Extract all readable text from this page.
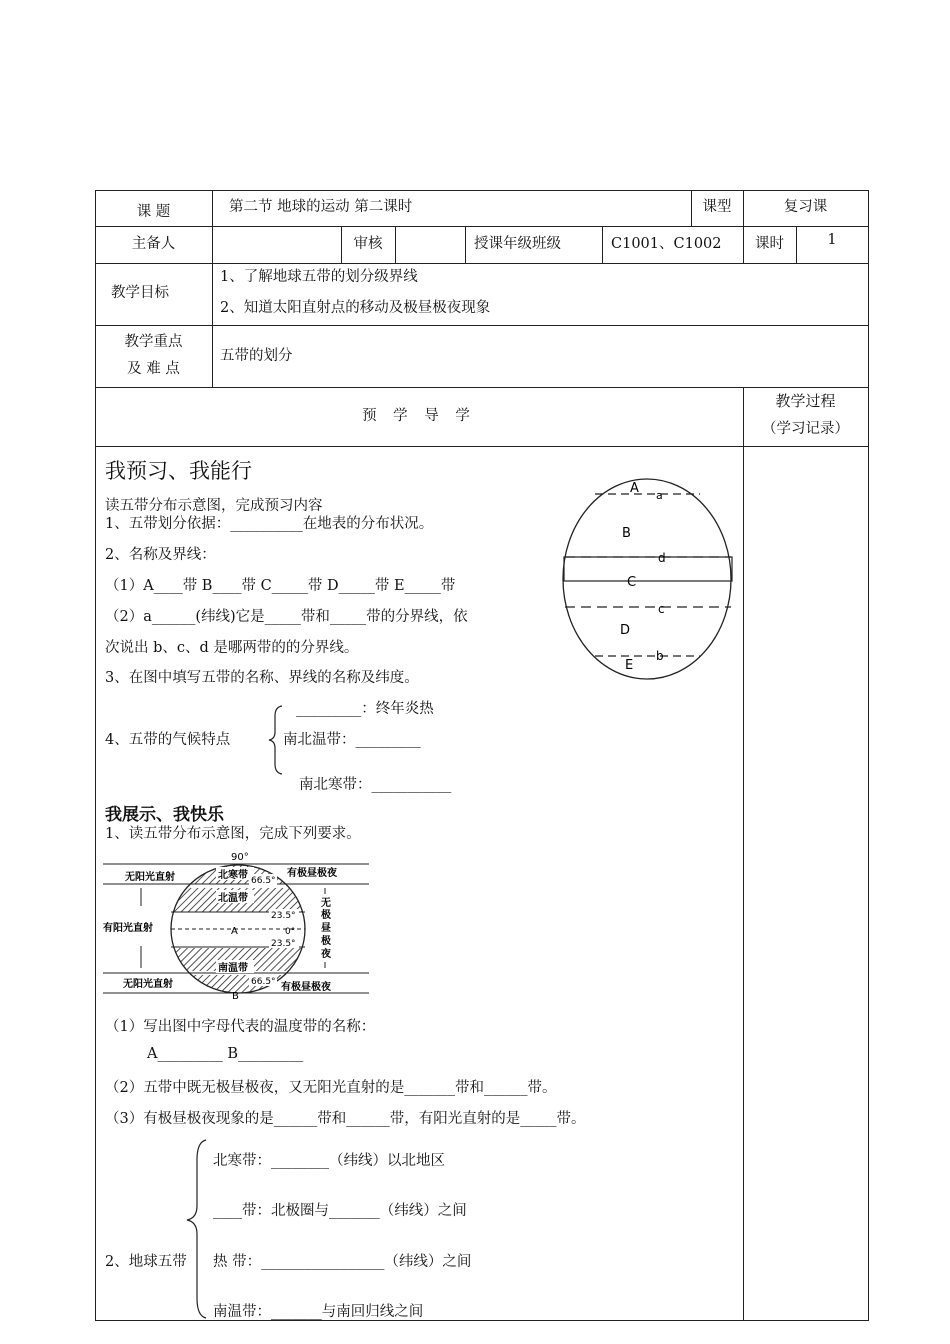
课 题	第二节 地球的运动 第二课时	课型	复习课
主备人	审核	授课年级班级	C1001、C1002	课时	1
教学目标
1、了解地球五带的划分级界线
2、知道太阳直射点的移动及极昼极夜现象
教学重点
及 难 点
五带的划分
预 学 导 学
教学过程
（学习记录）
我预习、我能行
读五带分布示意图，完成预习内容
1、五带划分依据：__________在地表的分布状况。
2、名称及界线：
（1）A____带 B____带 C_____带 D_____带 E_____带
（2）a______(纬线)它是_____带和_____带的分界线，依
次说出 b、c、d 是哪两带的的分界线。
3、在图中填写五带的名称、界线的名称及纬度。
4、五带的气候特点
_________：终年炎热
南北温带：_________
南北寒带：___________
A a
B
d
C
c
D
b
E
我展示、我快乐
1、读五带分布示意图，完成下列要求。
90°
北寒带 66.5°
北温带
23.5°
A	0°
23.5°
南温带
66.5°
B
无阳光直射
有阳光直射
无阳光直射
有极昼极夜
无
极
昼
极
夜
有极昼极夜
（1）写出图中字母代表的温度带的名称：
A_________ B_________
（2）五带中既无极昼极夜，又无阳光直射的是_______带和______带。
（3）有极昼极夜现象的是______带和______带，有阳光直射的是_____带。
2、地球五带
北寒带：________（纬线）以北地区
____带：北极圈与_______（纬线）之间
热 带：_________________（纬线）之间
南温带：_______与南回归线之间
